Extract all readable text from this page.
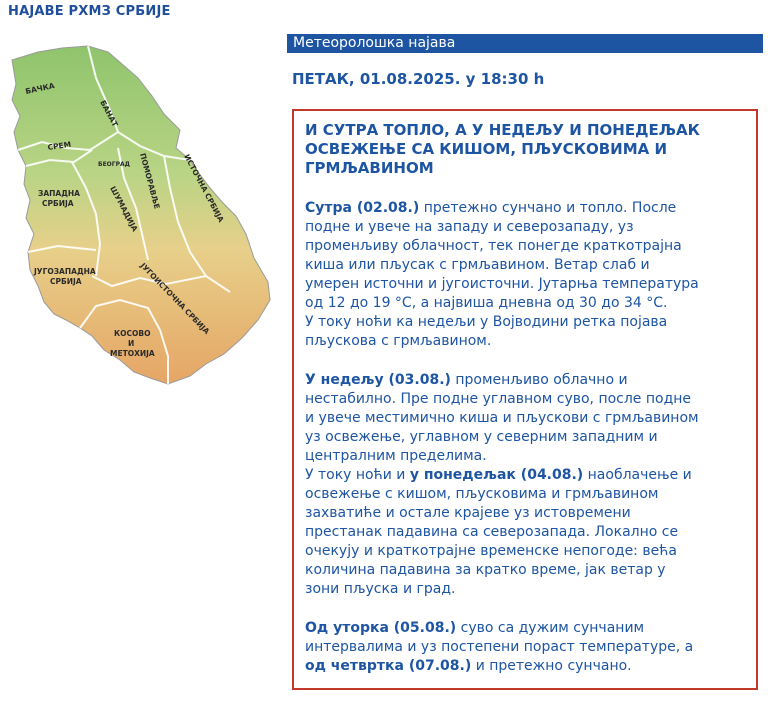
НАЈАВЕ РХМЗ СРБИЈЕ
БАЧКА
БАНАТ
СРЕМ
БЕОГРАД
ЗАПАДНА
СРБИЈА	ШУМАДИЈА
ПОМОРАВЉЕ	ИСТОЧНА СРБИЈА
ЈУГОЗАПАДНА
СРБИЈА	ЈУГОИСТОЧНА СРБИЈА
КОСОВО
И
МЕТОХИЈА
Метеоролошка најава
ПЕТАК, 01.08.2025. у 18:30 h
И СУТРА ТОПЛО, А У НЕДЕЉУ И ПОНЕДЕЉАК ОСВЕЖЕЊЕ СА КИШОМ, ПЉУСКОВИМА И ГРМЉАВИНОМ
Сутра (02.08.) претежно сунчано и топло. После
подне и увече на западу и северозападу, уз
променљиву облачност, тек понегде краткотрајна
киша или пљусак с грмљавином. Ветар слаб и
умерен источни и југоисточни. Јутарња температура
од 12 до 19 °C, а највиша дневна од 30 до 34 °C.
У току ноћи ка недељи у Војводини ретка појава
пљускова с грмљавином.
У недељу (03.08.) променљиво облачно и
нестабилно. Пре подне углавном суво, после подне
и увече местимично киша и пљускови с грмљавином
уз освежење, углавном у северним западним и
централним пределима.
У току ноћи и у понедељак (04.08.) наоблачење и
освежење с кишом, пљусковима и грмљавином
захватиће и остале крајеве уз истовремени
престанак падавина са северозапада. Локално се
очекују и краткотрајне временске непогоде: већа
количина падавина за кратко време, јак ветар у
зони пљуска и град.
Од уторка (05.08.) суво са дужим сунчаним
интервалима и уз постепени пораст температуре, а
од четвртка (07.08.) и претежно сунчано.
